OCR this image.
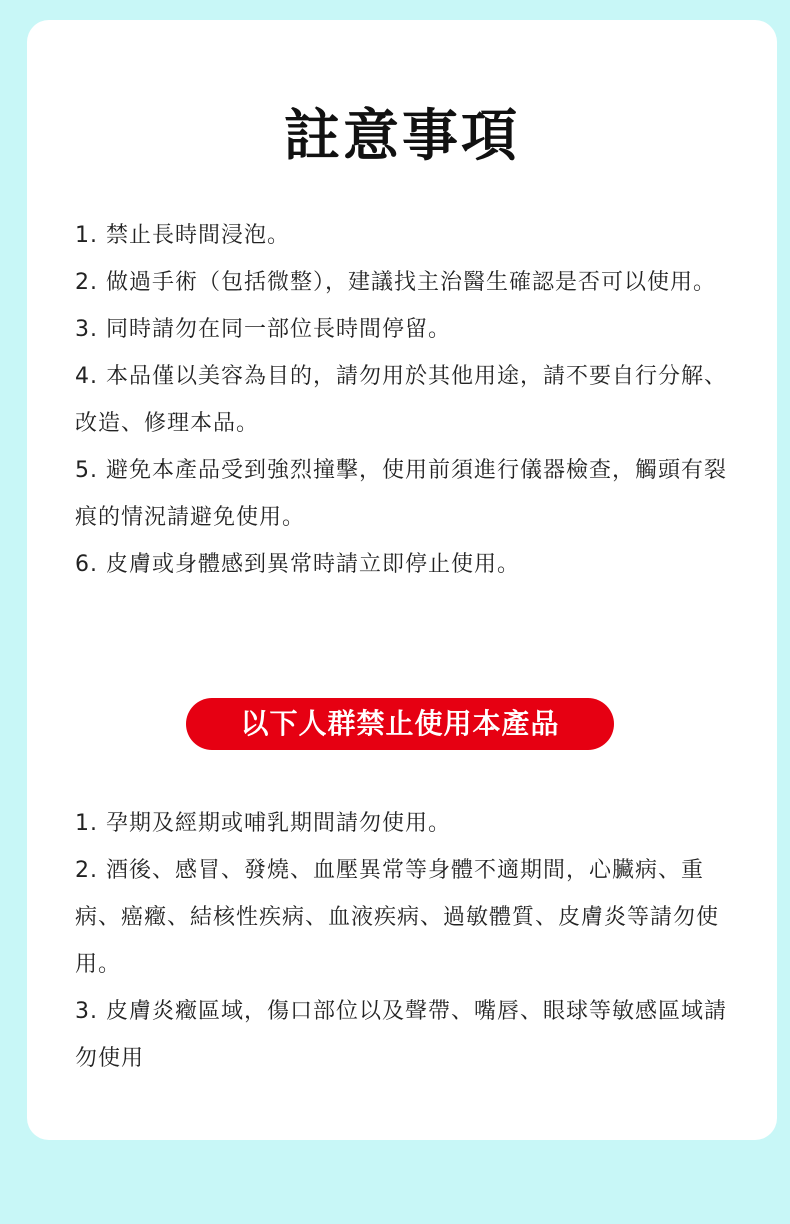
註意事項
1. 禁止長時間浸泡。
2. 做過手術（包括微整），建議找主治醫生確認是否可以使用。
3. 同時請勿在同一部位長時間停留。
4. 本品僅以美容為目的，請勿用於其他用途，請不要自行分解、改造、修理本品。
5. 避免本產品受到強烈撞擊，使用前須進行儀器檢查，觸頭有裂痕的情況請避免使用。
6. 皮膚或身體感到異常時請立即停止使用。
以下人群禁止使用本產品
1. 孕期及經期或哺乳期間請勿使用。
2. 酒後、感冒、發燒、血壓異常等身體不適期間，心臟病、重病、癌癥、結核性疾病、血液疾病、過敏體質、皮膚炎等請勿使用。
3. 皮膚炎癥區域，傷口部位以及聲帶、嘴唇、眼球等敏感區域請勿使用
